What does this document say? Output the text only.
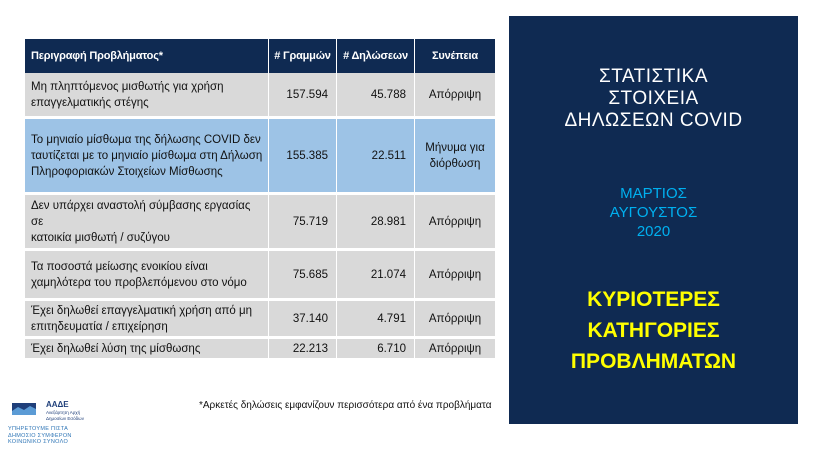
Περιγραφή Προβλήματος*	# Γραμμών	# Δηλώσεων	Συνέπεια

Μη πληπτόμενος μισθωτής για χρήση
επαγγελματικής στέγης	157.594	45.788	Απόρριψη

Το μηνιαίο μίσθωμα της δήλωσης COVID δεν
ταυτίζεται με το μηνιαίο μίσθωμα στη Δήλωση
Πληροφοριακών Στοιχείων Μίσθωσης	155.385	22.511	Μήνυμα για
διόρθωση

Δεν υπάρχει αναστολή σύμβασης εργασίας σε
κατοικία μισθωτή / συζύγου	75.719	28.981	Απόρριψη

Τα ποσοστά μείωσης ενοικίου είναι
χαμηλότερα του προβλεπόμενου στο νόμο	75.685	21.074	Απόρριψη

Έχει δηλωθεί επαγγελματική χρήση από μη
επιτηδευματία / επιχείρηση	37.140	4.791	Απόρριψη

Έχει δηλωθεί λύση της μίσθωσης	22.213	6.710	Απόρριψη
*Αρκετές δηλώσεις εμφανίζουν περισσότερα από ένα προβλήματα
ΑΑΔΕ
Ανεξάρτητη Αρχή
Δημοσίων Εσόδων
ΥΠΗΡΕΤΟΥΜΕ ΠΙΣΤΑ
ΔΗΜΟΣΙΟ ΣΥΜΦΕΡΟΝ
ΚΟΙΝΩΝΙΚΟ ΣΥΝΟΛΟ
ΣΤΑΤΙΣΤΙΚΑ
ΣΤΟΙΧΕΙΑ
ΔΗΛΩΣΕΩΝ COVID
ΜΑΡΤΙΟΣ
ΑΥΓΟΥΣΤΟΣ
2020
ΚΥΡΙΟΤΕΡΕΣ
ΚΑΤΗΓΟΡΙΕΣ
ΠΡΟΒΛΗΜΑΤΩΝ
